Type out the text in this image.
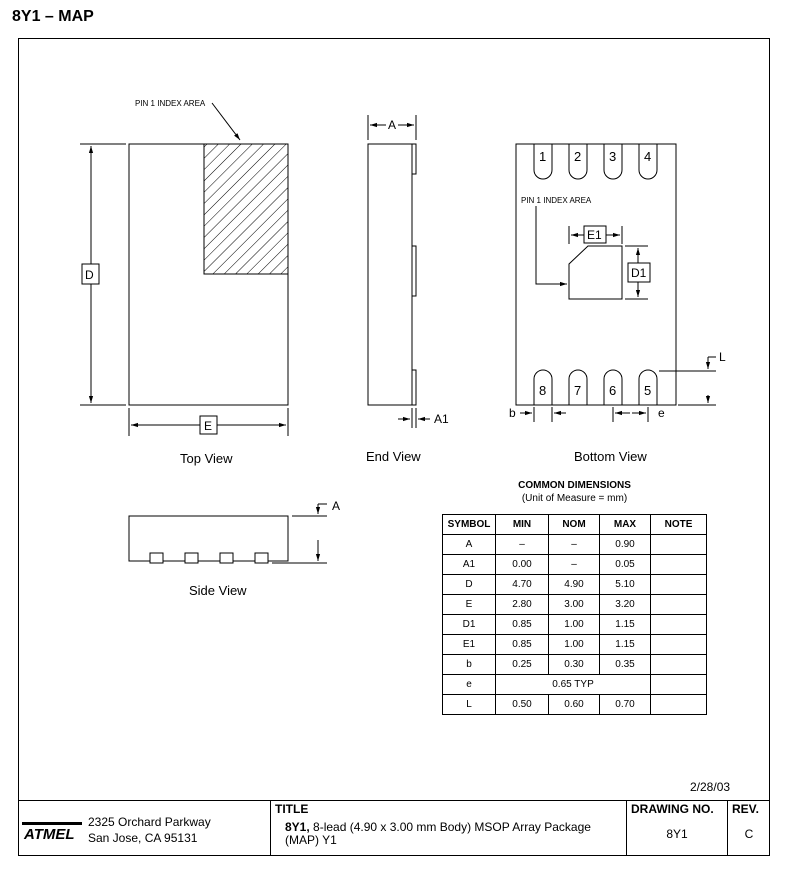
8Y1 – MAP
PIN 1 INDEX AREA
D
E
Top View
A
A1
End View
1 2 3 4
8 7 6 5
PIN 1 INDEX AREA
E1
D1
L
b	e
Bottom View
A
Side View
COMMON DIMENSIONS
(Unit of Measure = mm)
SYMBOL	MIN	NOM	MAX	NOTE
A	–	–	0.90	
A1	0.00	–	0.05	
D	4.70	4.90	5.10	
E	2.80	3.00	3.20	
D1	0.85	1.00	1.15	
E1	0.85	1.00	1.15	
b	0.25	0.30	0.35	
e	0.65 TYP			
L	0.50	0.60	0.70	
2/28/03
ATMEL
2325 Orchard Parkway
San Jose, CA 95131
TITLE
8Y1, 8-lead (4.90 x 3.00 mm Body) MSOP Array Package (MAP) Y1
DRAWING NO.
8Y1
REV.
C
